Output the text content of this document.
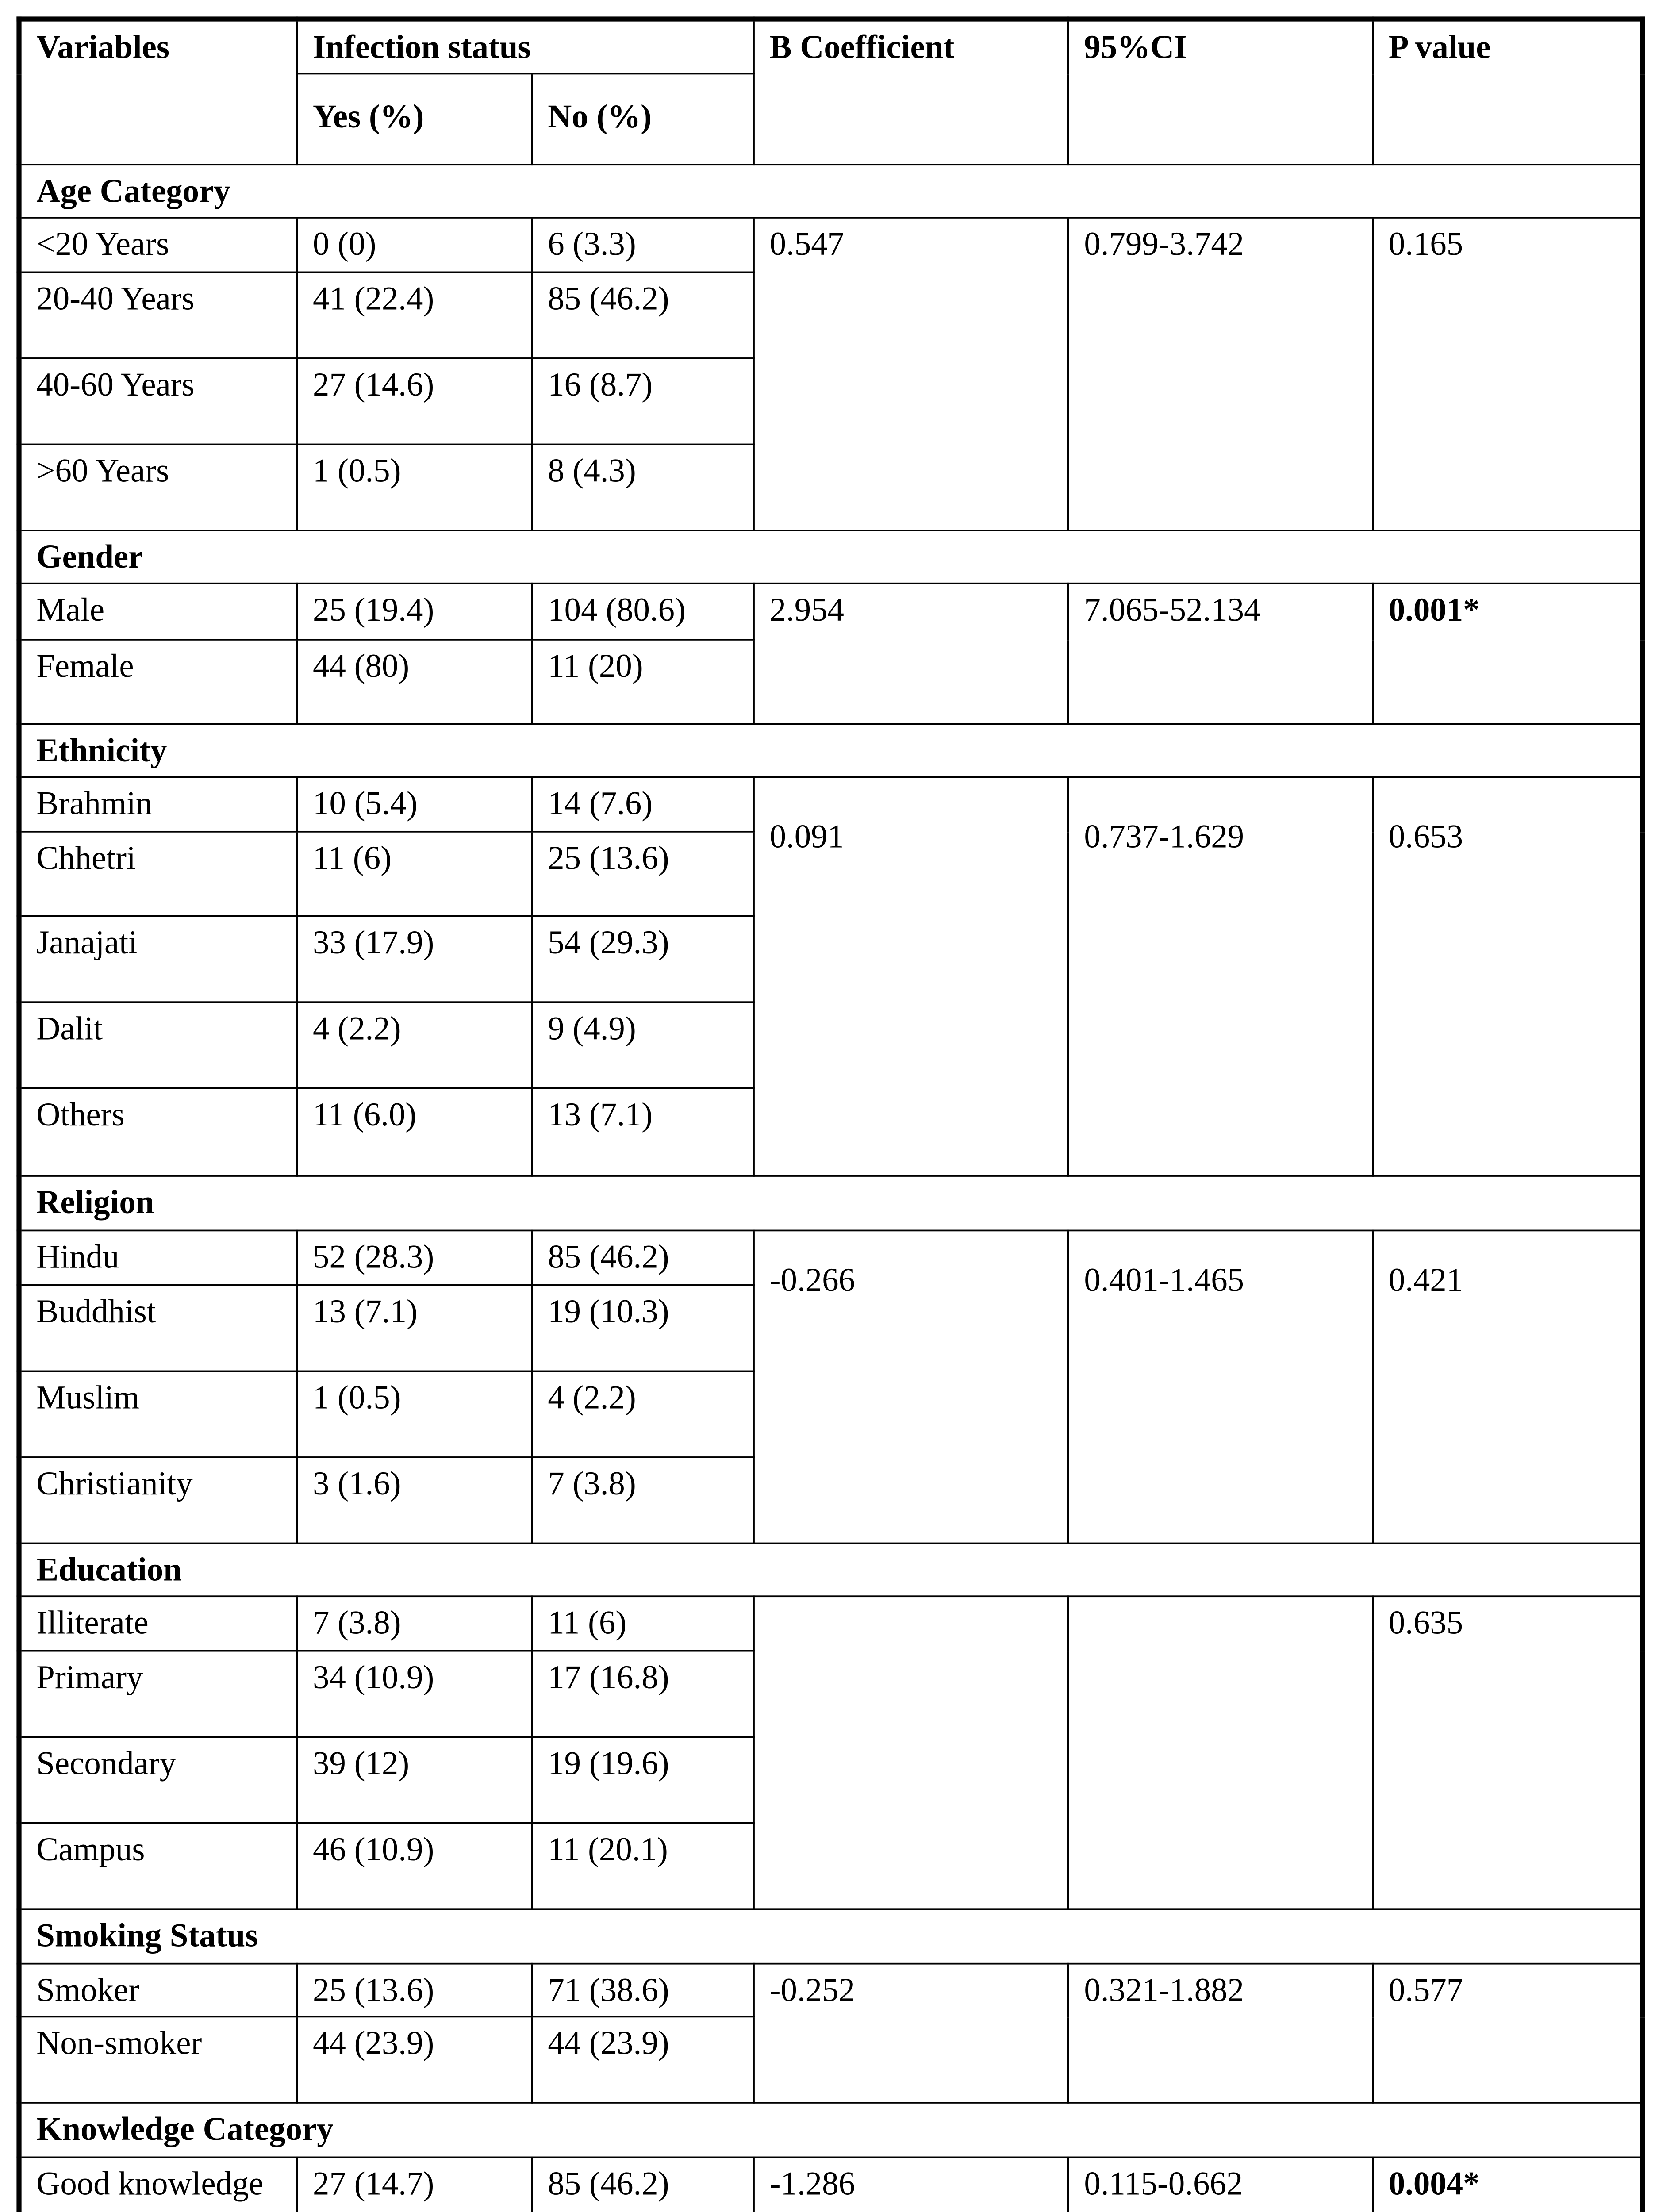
Variables	Infection status		B Coefficient	95%CI	P value
	Yes (%)	No (%)			
Age Category					
<20 Years	0 (0)	6 (3.3)	0.547	0.799-3.742	0.165
20-40 Years	41 (22.4)	85 (46.2)			
40-60 Years	27 (14.6)	16 (8.7)			
>60 Years	1 (0.5)	8 (4.3)			
Gender					
Male	25 (19.4)	104 (80.6)	2.954	7.065-52.134	0.001*
Female	44 (80)	11 (20)			
Ethnicity					
Brahmin	10 (5.4)	14 (7.6)	0.091	0.737-1.629	0.653
Chhetri	11 (6)	25 (13.6)			
Janajati	33 (17.9)	54 (29.3)			
Dalit	4 (2.2)	9 (4.9)			
Others	11 (6.0)	13 (7.1)			
Religion					
Hindu	52 (28.3)	85 (46.2)	-0.266	0.401-1.465	0.421
Buddhist	13 (7.1)	19 (10.3)			
Muslim	1 (0.5)	4 (2.2)			
Christianity	3 (1.6)	7 (3.8)			
Education					
Illiterate	7 (3.8)	11 (6)			0.635
Primary	34 (10.9)	17 (16.8)			
Secondary	39 (12)	19 (19.6)			
Campus	46 (10.9)	11 (20.1)			
Smoking Status					
Smoker	25 (13.6)	71 (38.6)	-0.252	0.321-1.882	0.577
Non-smoker	44 (23.9)	44 (23.9)			
Knowledge Category					
Good knowledge	27 (14.7)	85 (46.2)	-1.286	0.115-0.662	0.004*
